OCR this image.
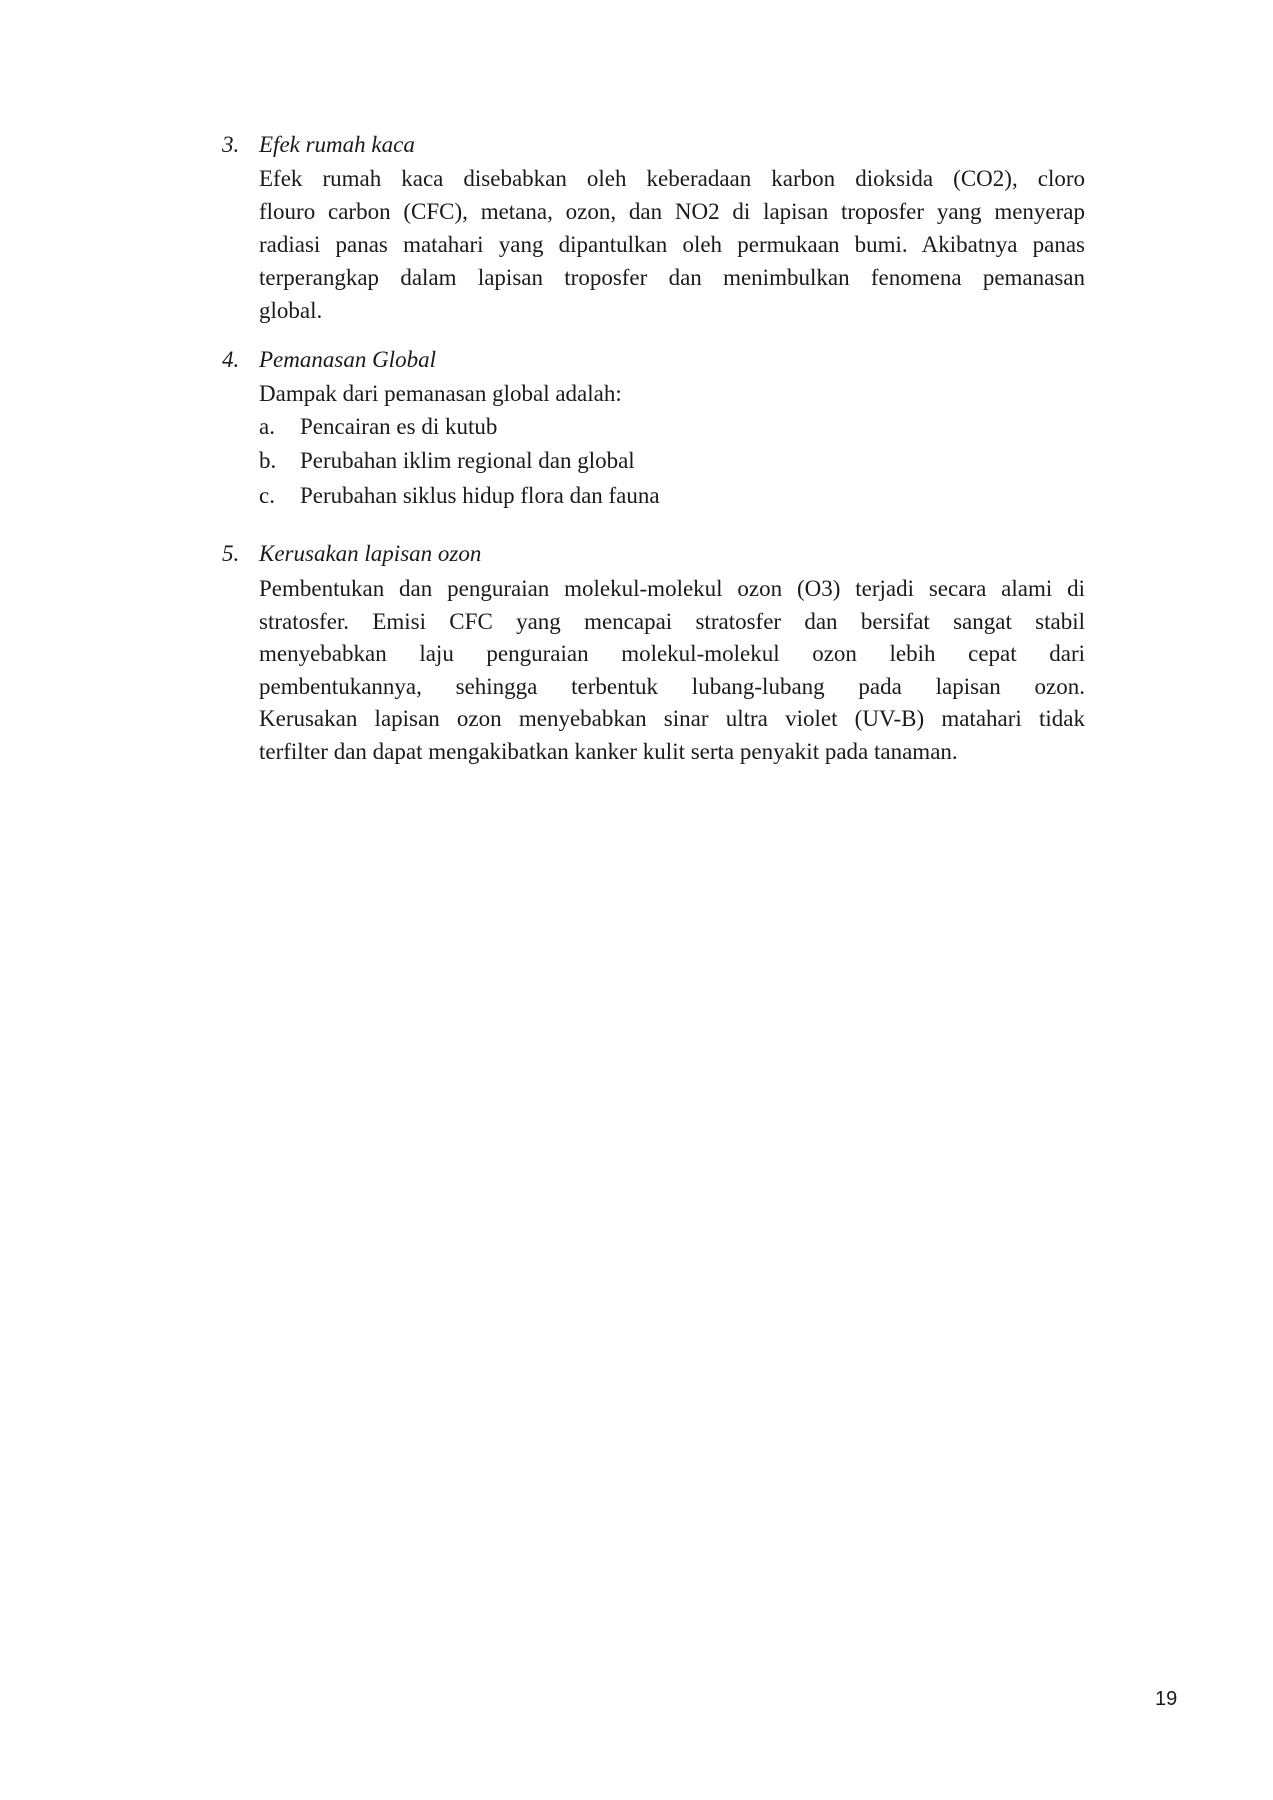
3. Efek rumah kaca
Efek rumah kaca disebabkan oleh keberadaan karbon dioksida (CO2), cloro
flouro carbon (CFC), metana, ozon, dan NO2 di lapisan troposfer yang menyerap
radiasi panas matahari yang dipantulkan oleh permukaan bumi. Akibatnya panas
terperangkap dalam lapisan troposfer dan menimbulkan fenomena pemanasan
global.
4. Pemanasan Global
Dampak dari pemanasan global adalah:
a. Pencairan es di kutub
b. Perubahan iklim regional dan global
c. Perubahan siklus hidup flora dan fauna
5. Kerusakan lapisan ozon
Pembentukan dan penguraian molekul-molekul ozon (O3) terjadi secara alami di
stratosfer. Emisi CFC yang mencapai stratosfer dan bersifat sangat stabil
menyebabkan laju penguraian molekul-molekul ozon lebih cepat dari
pembentukannya, sehingga terbentuk lubang-lubang pada lapisan ozon.
Kerusakan lapisan ozon menyebabkan sinar ultra violet (UV-B) matahari tidak
terfilter dan dapat mengakibatkan kanker kulit serta penyakit pada tanaman.
19
